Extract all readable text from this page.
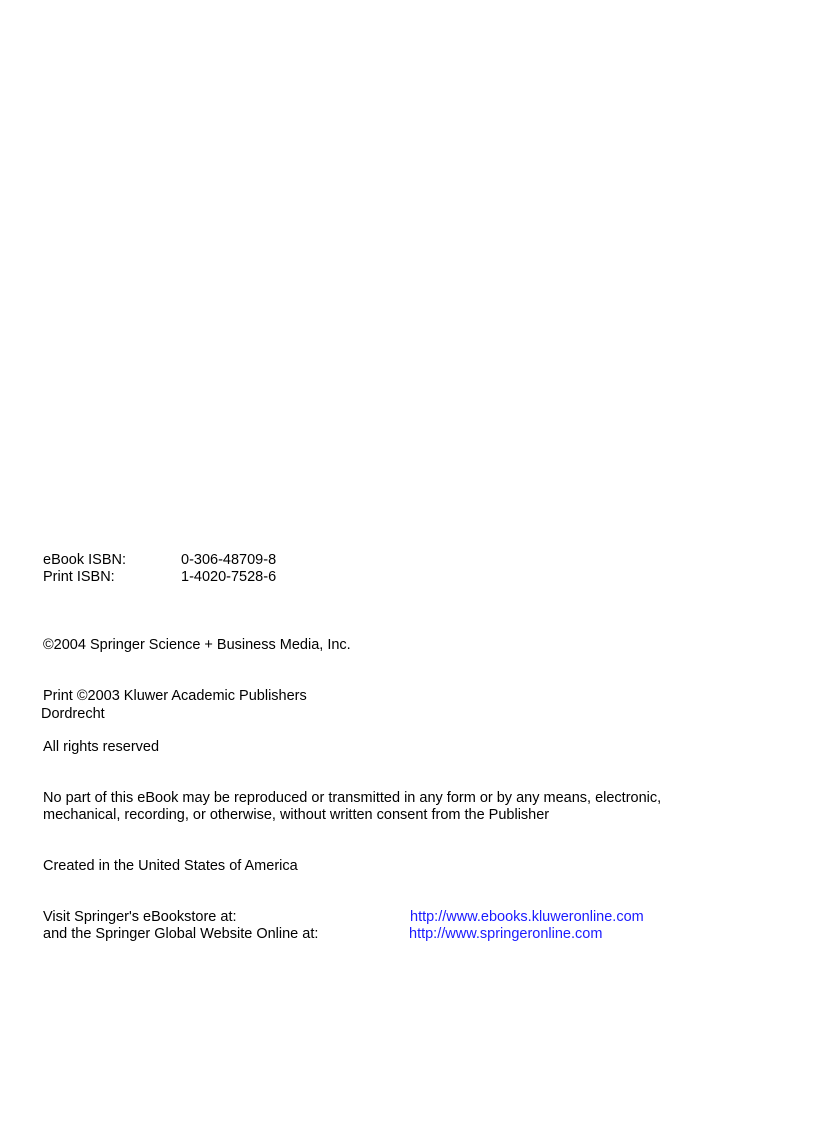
eBook ISBN:	0-306-48709-8
Print ISBN:	1-4020-7528-6
©2004 Springer Science + Business Media, Inc.
Print ©2003 Kluwer Academic Publishers
Dordrecht
All rights reserved
No part of this eBook may be reproduced or transmitted in any form or by any means, electronic,
mechanical, recording, or otherwise, without written consent from the Publisher
Created in the United States of America
Visit Springer's eBookstore at:	http://www.ebooks.kluweronline.com
and the Springer Global Website Online at:	http://www.springeronline.com
